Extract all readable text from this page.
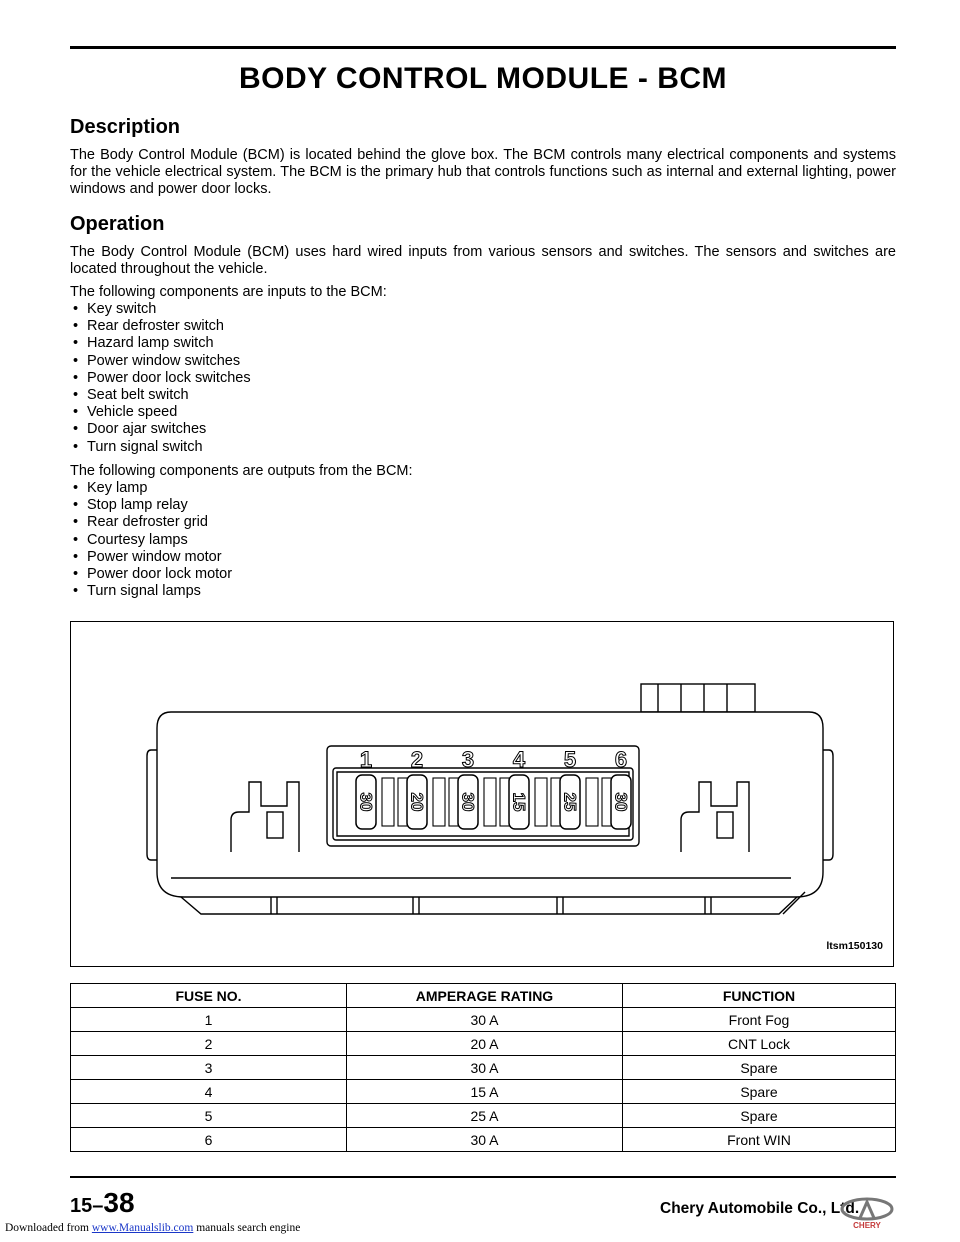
BODY CONTROL MODULE - BCM
Description
The Body Control Module (BCM) is located behind the glove box. The BCM controls many electrical components and systems for the vehicle electrical system. The BCM is the primary hub that controls functions such as internal and external lighting, power windows and power door locks.
Operation
The Body Control Module (BCM) uses hard wired inputs from various sensors and switches. The sensors and switches are located throughout the vehicle.
The following components are inputs to the BCM:
• Key switch
• Rear defroster switch
• Hazard lamp switch
• Power window switches
• Power door lock switches
• Seat belt switch
• Vehicle speed
• Door ajar switches
• Turn signal switch
The following components are outputs from the BCM:
• Key lamp
• Stop lamp relay
• Rear defroster grid
• Courtesy lamps
• Power window motor
• Power door lock motor
• Turn signal lamps
1 2 3 4 5 6
30 20 30 15 25 30
ltsm150130
FUSE NO.	AMPERAGE RATING	FUNCTION
1	30 A	Front Fog
2	20 A	CNT Lock
3	30 A	Spare
4	15 A	Spare
5	25 A	Spare
6	30 A	Front WIN
15–38	Chery Automobile Co., Ltd.
CHERY
Downloaded from www.Manualslib.com manuals search engine
